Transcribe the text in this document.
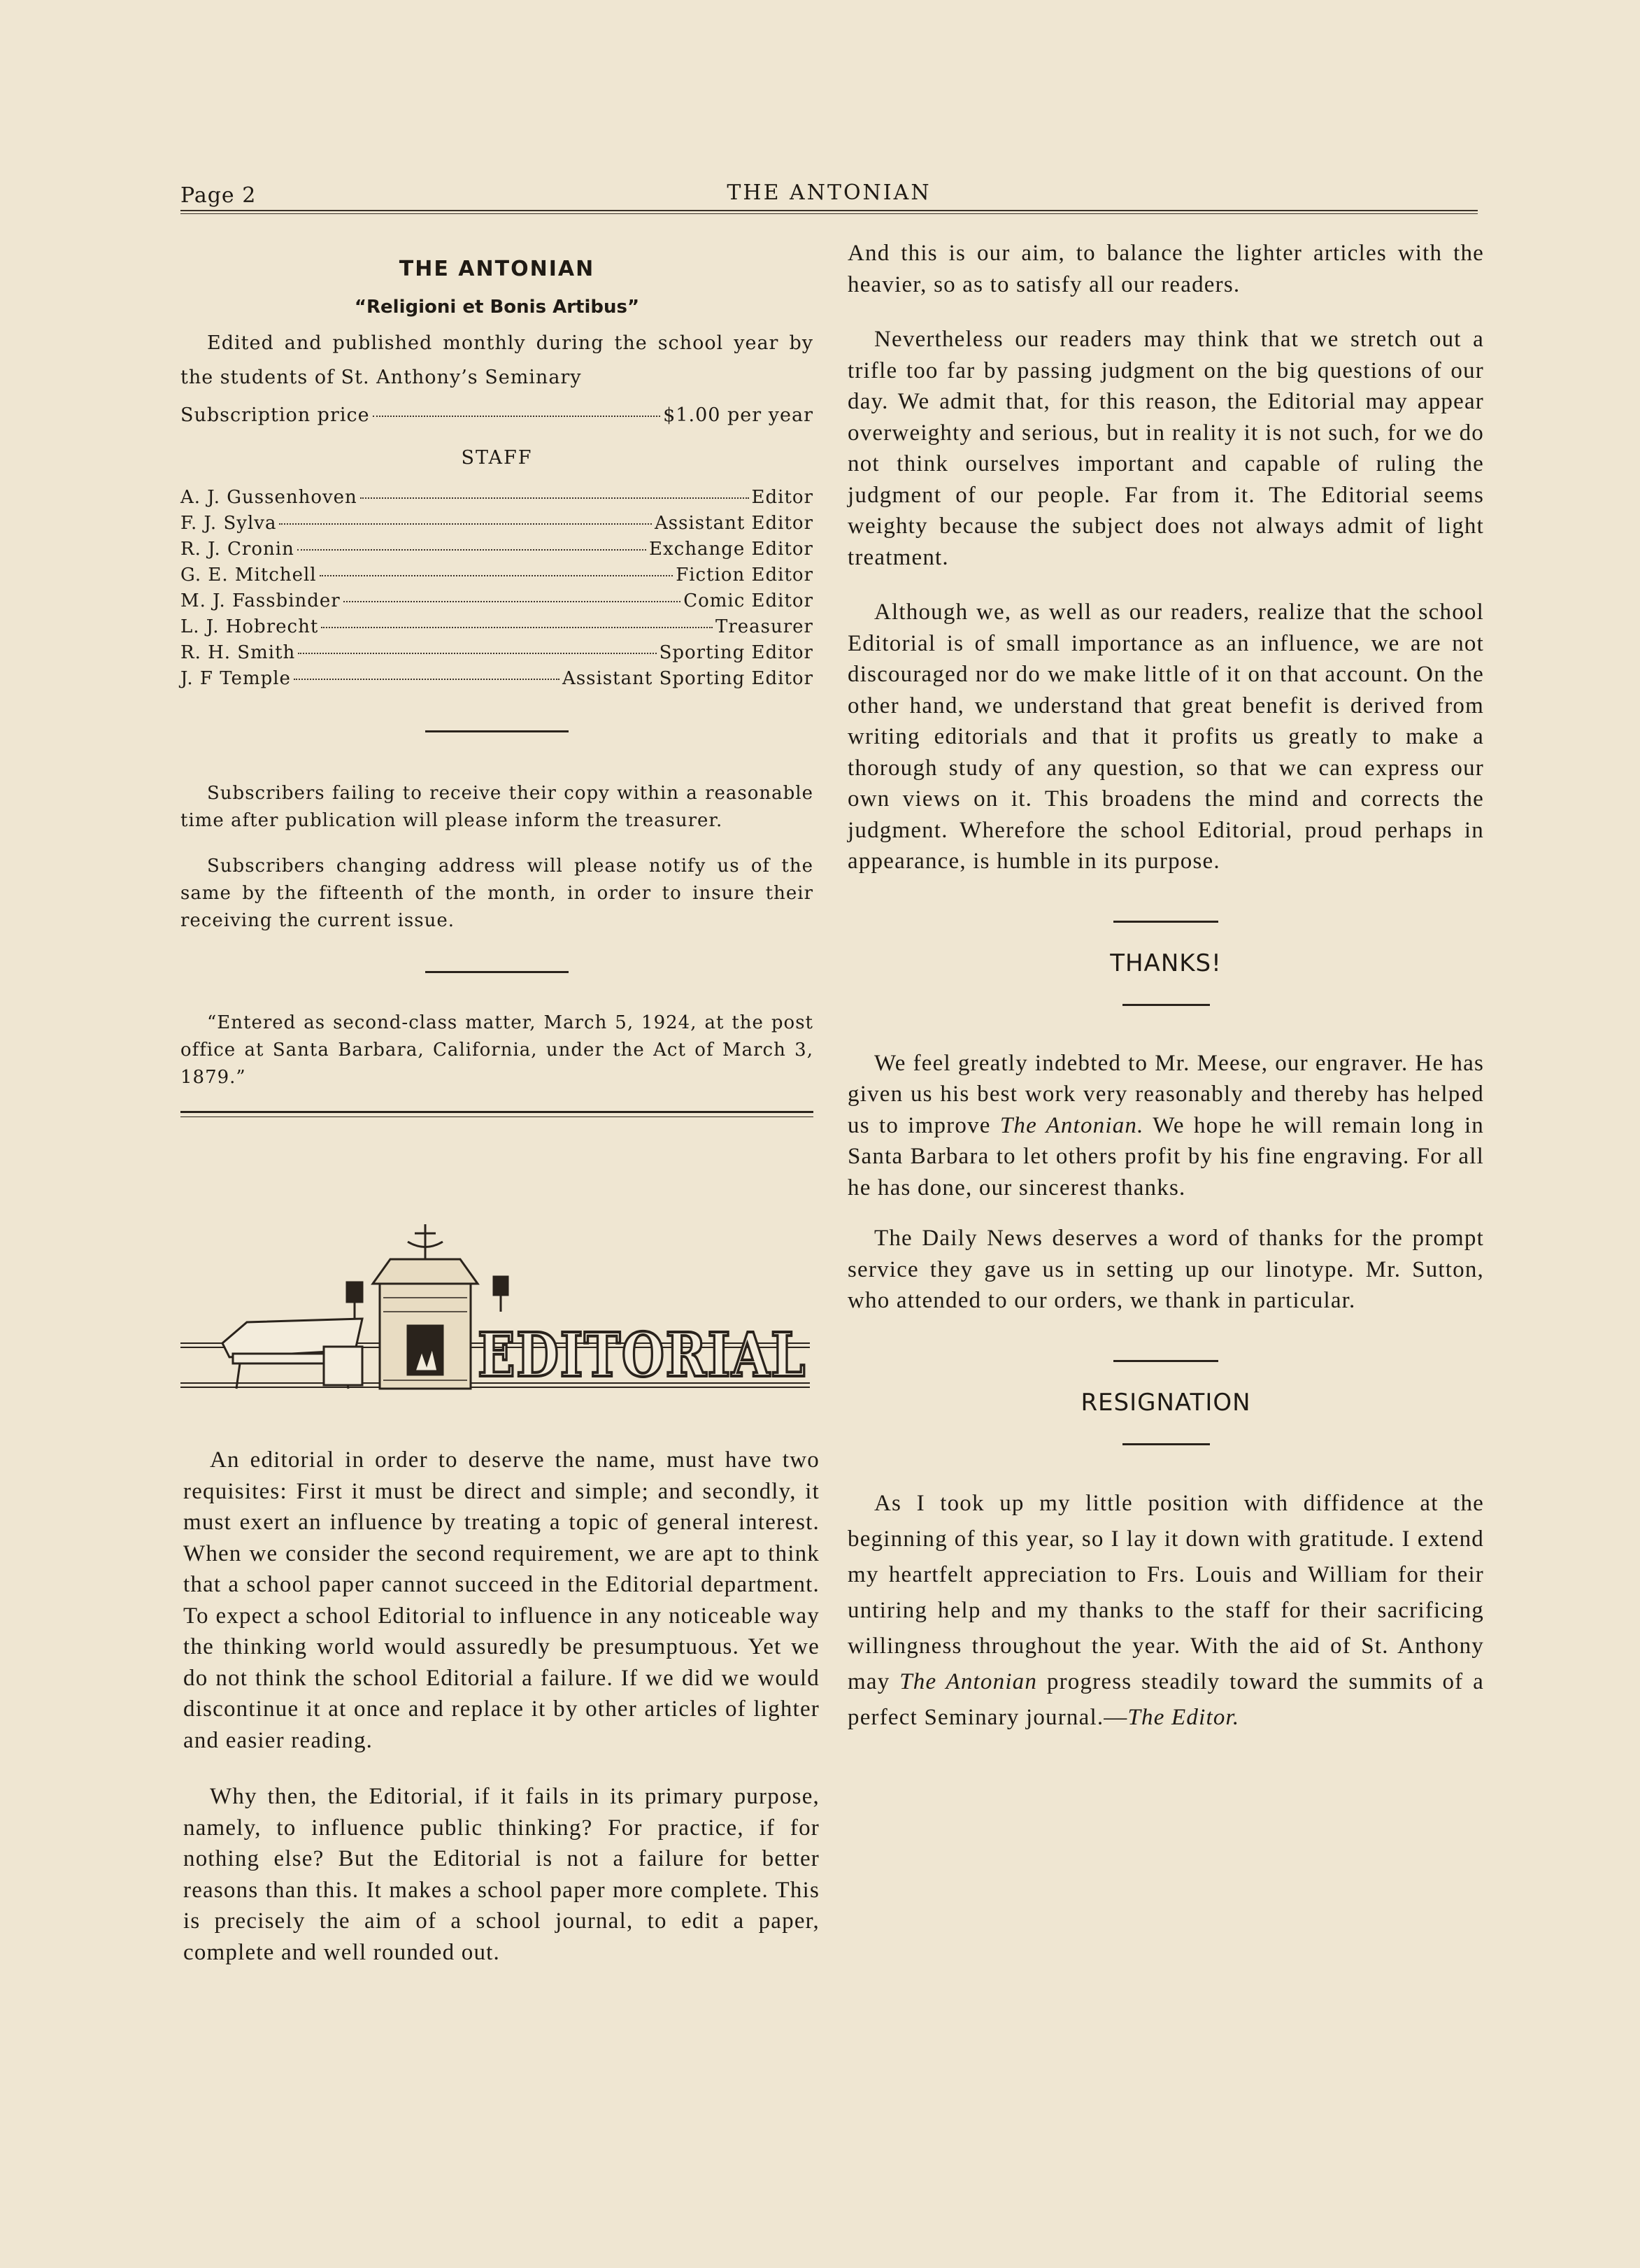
Page 2	THE ANTONIAN
THE ANTONIAN
“Religioni et Bonis Artibus”
Edited and published monthly during the school year by the students of St. Anthony’s Seminary
Subscription price	$1.00 per year
STAFF
A. J. Gussenhoven	Editor
F. J. Sylva	Assistant Editor
R. J. Cronin	Exchange Editor
G. E. Mitchell	Fiction Editor
M. J. Fassbinder	Comic Editor
L. J. Hobrecht	Treasurer
R. H. Smith	Sporting Editor
J. F Temple	Assistant Sporting Editor

Subscribers failing to receive their copy within a reasonable time after publication will please inform the treasurer.

Subscribers changing address will please notify us of the same by the fifteenth of the month, in order to insure their receiving the current issue.

“Entered as second-class matter, March 5, 1924, at the post office at Santa Barbara, California, under the Act of March 3, 1879.”

EDITORIAL

An editorial in order to deserve the name, must have two requisites: First it must be direct and simple; and secondly, it must exert an influence by treating a topic of general interest. When we consider the second requirement, we are apt to think that a school paper cannot succeed in the Editorial department. To expect a school Editorial to influence in any noticeable way the thinking world would assuredly be presumptuous. Yet we do not think the school Editorial a failure. If we did we would discontinue it at once and replace it by other articles of lighter and easier reading.

Why then, the Editorial, if it fails in its primary purpose, namely, to influence public thinking? For practice, if for nothing else? But the Editorial is not a failure for better reasons than this. It makes a school paper more complete. This is precisely the aim of a school journal, to edit a paper, complete and well rounded out.

And this is our aim, to balance the lighter articles with the heavier, so as to satisfy all our readers.

Nevertheless our readers may think that we stretch out a trifle too far by passing judgment on the big questions of our day. We admit that, for this reason, the Editorial may appear overweighty and serious, but in reality it is not such, for we do not think ourselves important and capable of ruling the judgment of our people. Far from it. The Editorial seems weighty because the subject does not always admit of light treatment.

Although we, as well as our readers, realize that the school Editorial is of small importance as an influence, we are not discouraged nor do we make little of it on that account. On the other hand, we understand that great benefit is derived from writing editorials and that it profits us greatly to make a thorough study of any question, so that we can express our own views on it. This broadens the mind and corrects the judgment. Wherefore the school Editorial, proud perhaps in appearance, is humble in its purpose.

THANKS!

We feel greatly indebted to Mr. Meese, our engraver. He has given us his best work very reasonably and thereby has helped us to improve The Antonian. We hope he will remain long in Santa Barbara to let others profit by his fine engraving. For all he has done, our sincerest thanks.

The Daily News deserves a word of thanks for the prompt service they gave us in setting up our linotype. Mr. Sutton, who attended to our orders, we thank in particular.

RESIGNATION

As I took up my little position with diffidence at the beginning of this year, so I lay it down with gratitude. I extend my heartfelt appreciation to Frs. Louis and William for their untiring help and my thanks to the staff for their sacrificing willingness throughout the year. With the aid of St. Anthony may The Antonian progress steadily toward the summits of a perfect Seminary journal.—The Editor.
